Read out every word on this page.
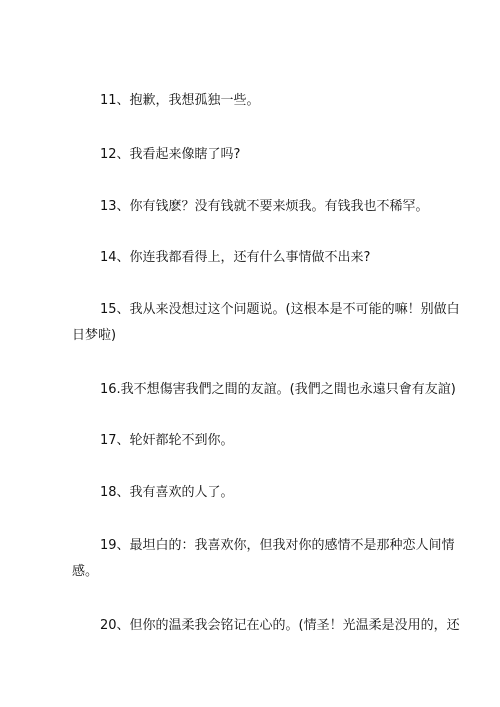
11、抱歉，我想孤独一些。
12、我看起来像瞎了吗?
13、你有钱麽？没有钱就不要来烦我。有钱我也不稀罕。
14、你连我都看得上，还有什么事情做不出来?
15、我从来没想过这个问题说。(这根本是不可能的嘛！别做白
日梦啦)
16.我不想傷害我們之間的友誼。(我們之間也永遠只會有友誼)
17、轮奸都轮不到你。
18、我有喜欢的人了。
19、最坦白的：我喜欢你，但我对你的感情不是那种恋人间情
感。
20、但你的温柔我会铭记在心的。(情圣！光温柔是没用的，还
